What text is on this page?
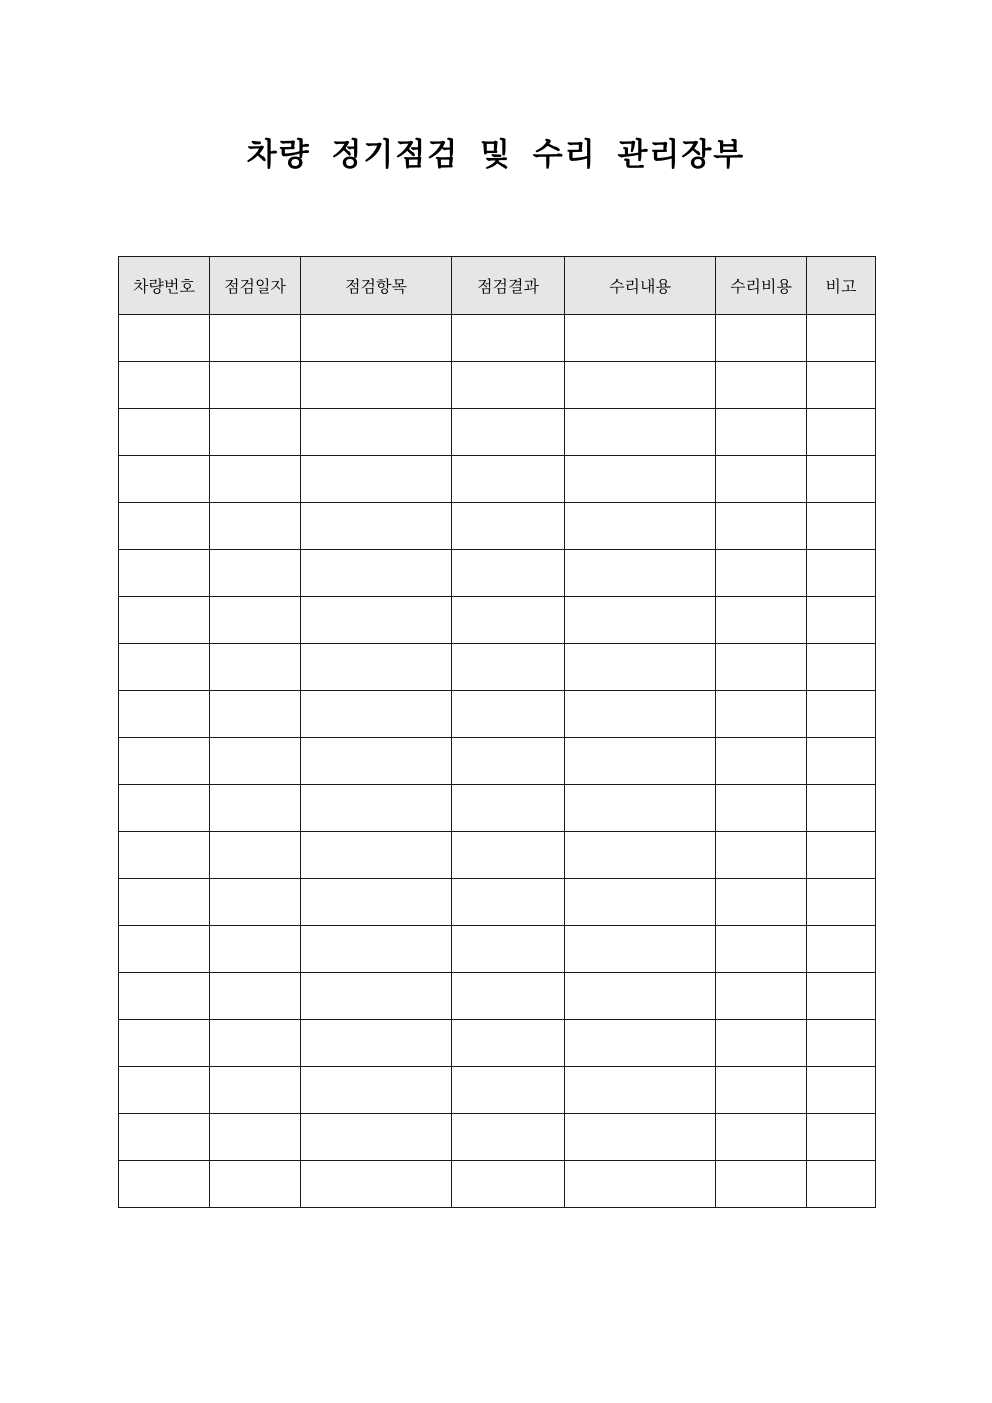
차량 정기점검 및 수리 관리장부
차량번호	점검일자	점검항목	점검결과	수리내용	수리비용	비고
